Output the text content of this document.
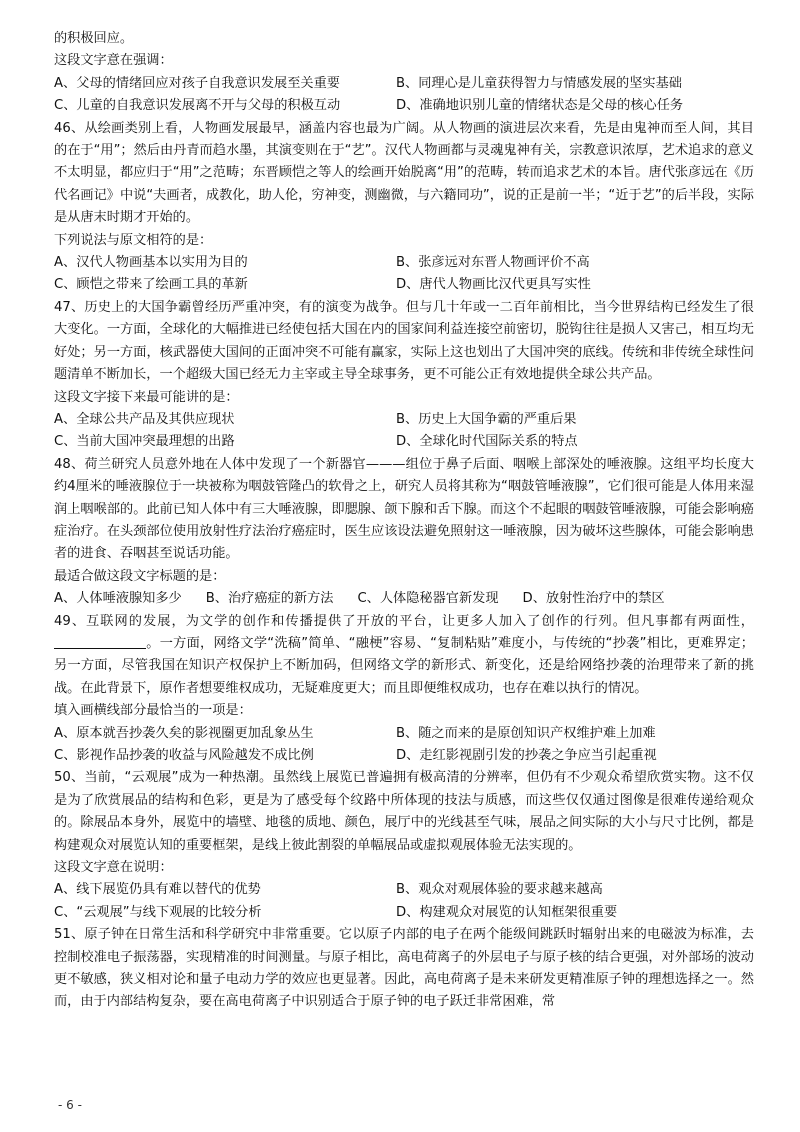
的积极回应。
这段文字意在强调：
A、父母的情绪回应对孩子自我意识发展至关重要	B、同理心是儿童获得智力与情感发展的坚实基础
C、儿童的自我意识发展离不开与父母的积极互动	D、准确地识别儿童的情绪状态是父母的核心任务
46、从绘画类别上看，人物画发展最早，涵盖内容也最为广阔。从人物画的演进层次来看，先是由鬼神而至人间，其目的在于“用”；然后由丹青而趋水墨，其演变则在于“艺”。汉代人物画都与灵魂鬼神有关，宗教意识浓厚，艺术追求的意义不太明显，都应归于“用”之范畴；东晋顾恺之等人的绘画开始脱离“用”的范畴，转而追求艺术的本旨。唐代张彦远在《历代名画记》中说“夫画者，成教化，助人伦，穷神变，测幽微，与六籍同功”，说的正是前一半；“近于艺”的后半段，实际是从唐末时期才开始的。
下列说法与原文相符的是：
A、汉代人物画基本以实用为目的	B、张彦远对东晋人物画评价不高
C、顾恺之带来了绘画工具的革新	D、唐代人物画比汉代更具写实性
47、历史上的大国争霸曾经历严重冲突，有的演变为战争。但与几十年或一二百年前相比，当今世界结构已经发生了很大变化。一方面，全球化的大幅推进已经使包括大国在内的国家间利益连接空前密切，脱钩往往是损人又害己，相互均无好处；另一方面，核武器使大国间的正面冲突不可能有赢家，实际上这也划出了大国冲突的底线。传统和非传统全球性问题清单不断加长，一个超级大国已经无力主宰或主导全球事务，更不可能公正有效地提供全球公共产品。
这段文字接下来最可能讲的是：
A、全球公共产品及其供应现状	B、历史上大国争霸的严重后果
C、当前大国冲突最理想的出路	D、全球化时代国际关系的特点
48、荷兰研究人员意外地在人体中发现了一个新器官———组位于鼻子后面、咽喉上部深处的唾液腺。这组平均长度大约4厘米的唾液腺位于一块被称为咽鼓管隆凸的软骨之上，研究人员将其称为“咽鼓管唾液腺”，它们很可能是人体用来湿润上咽喉部的。此前已知人体中有三大唾液腺，即腮腺、颌下腺和舌下腺。而这个不起眼的咽鼓管唾液腺，可能会影响癌症治疗。在头颈部位使用放射性疗法治疗癌症时，医生应该设法避免照射这一唾液腺，因为破坏这些腺体，可能会影响患者的进食、吞咽甚至说话功能。
最适合做这段文字标题的是：
A、人体唾液腺知多少 B、治疗癌症的新方法 C、人体隐秘器官新发现 D、放射性治疗中的禁区
49、互联网的发展，为文学的创作和传播提供了开放的平台，让更多人加入了创作的行列。但凡事都有两面性，。一方面，网络文学“洗稿”简单、“融梗”容易、“复制粘贴”难度小，与传统的“抄袭”相比，更难界定；另一方面，尽管我国在知识产权保护上不断加码，但网络文学的新形式、新变化，还是给网络抄袭的治理带来了新的挑战。在此背景下，原作者想要维权成功，无疑难度更大；而且即便维权成功，也存在难以执行的情况。
填入画横线部分最恰当的一项是：
A、原本就吾抄袭久矣的影视圈更加乱象丛生	B、随之而来的是原创知识产权维护难上加难
C、影视作品抄袭的收益与风险越发不成比例	D、走红影视剧引发的抄袭之争应当引起重视
50、当前，“云观展”成为一种热潮。虽然线上展览已普遍拥有极高清的分辨率，但仍有不少观众希望欣赏实物。这不仅是为了欣赏展品的结构和色彩，更是为了感受每个纹路中所体现的技法与质感，而这些仅仅通过图像是很难传递给观众的。除展品本身外，展览中的墙壁、地毯的质地、颜色，展厅中的光线甚至气味，展品之间实际的大小与尺寸比例，都是构建观众对展览认知的重要框架，是线上彼此割裂的单幅展品或虚拟观展体验无法实现的。
这段文字意在说明：
A、线下展览仍具有难以替代的优势	B、观众对观展体验的要求越来越高
C、“云观展”与线下观展的比较分析	D、构建观众对展览的认知框架很重要
51、原子钟在日常生活和科学研究中非常重要。它以原子内部的电子在两个能级间跳跃时辐射出来的电磁波为标准，去控制校准电子振荡器，实现精准的时间测量。与原子相比，高电荷离子的外层电子与原子核的结合更强，对外部场的波动更不敏感，狭义相对论和量子电动力学的效应也更显著。因此，高电荷离子是未来研发更精准原子钟的理想选择之一。然而，由于内部结构复杂，要在高电荷离子中识别适合于原子钟的电子跃迁非常困难，常
- 6 -
